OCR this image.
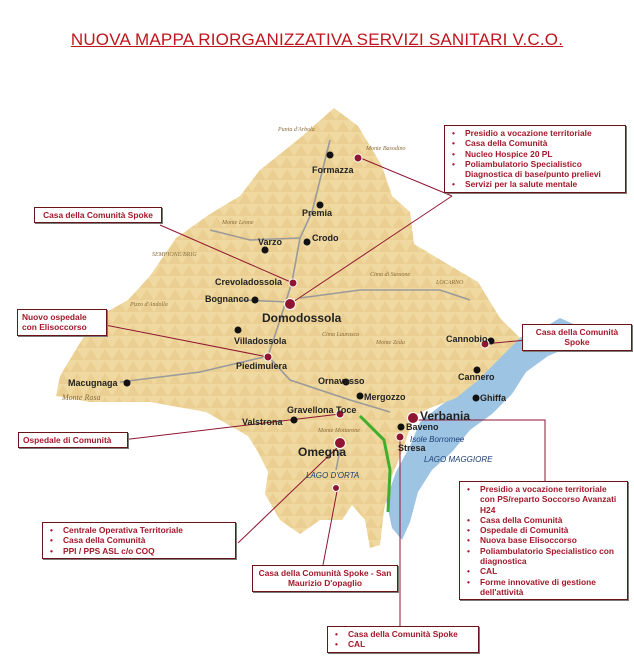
Formazza
Premia
Crodo
Varzo
Crevoladossola
Bognanco
Domodossola
Villadossola
Piedimulera
Macugnaga	Ornavasso
Mergozzo
Gravellona Toce
Valstrona
Omegna
Baveno
Stresa
Verbania
Ghiffa
Cannero
Cannobio
Punta d'Arbola
Monte Basodino
Monte Leone
SEMPIONE/BRIG
Cima di Sassone
LOCARNO
Pizzo d'Andolla
Cima Laurasca
Monte Zeda
Monte Rosa
Monte Mottarone
Isole Borromee
LAGO D'ORTA
LAGO MAGGIORE
NUOVA MAPPA RIORGANIZZATIVA SERVIZI SANITARI V.C.O.
• Presidio a vocazione territoriale
• Casa della Comunità
• Nucleo Hospice 20 PL
• Poliambulatorio Specialistico Diagnostica di base/punto prelievi
• Servizi per la salute mentale
Casa della Comunità Spoke
Nuovo ospedale con Elisoccorso	Casa della Comunità Spoke
Ospedale di Comunità
• Presidio a vocazione territoriale con PS/reparto Soccorso Avanzati H24
• Casa della Comunità
• Ospedale di Comunità
• Nuova base Elisoccorso
• Poliambulatorio Specialistico con diagnostica
• CAL
• Forme innovative di gestione dell'attività
• Centrale Operativa Territoriale
• Casa della Comunità
• PPI / PPS ASL c/o COQ
Casa della Comunità Spoke - San Maurizio D'opaglio
• Casa della Comunità Spoke
• CAL
